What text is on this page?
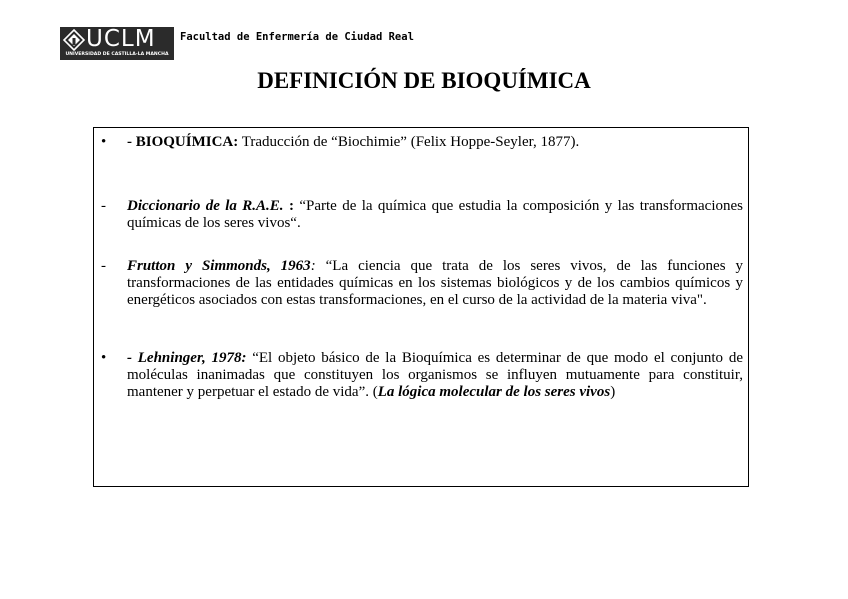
UCLM
UNIVERSIDAD DE CASTILLA-LA MANCHA
Facultad de Enfermería de Ciudad Real
DEFINICIÓN DE BIOQUÍMICA
• - BIOQUÍMICA: Traducción de “Biochimie” (Felix Hoppe-Seyler, 1877).
- Diccionario de la R.A.E. : “Parte de la química que estudia la composición y las transformaciones químicas de los seres vivos“.
- Frutton y Simmonds, 1963: “La ciencia que trata de los seres vivos, de las funciones y transformaciones de las entidades químicas en los sistemas biológicos y de los cambios químicos y energéticos asociados con estas transformaciones, en el curso de la actividad de la materia viva".
• - Lehninger, 1978: “El objeto básico de la Bioquímica es determinar de que modo el conjunto de moléculas inanimadas que constituyen los organismos se influyen mutuamente para constituir, mantener y perpetuar el estado de vida”. (La lógica molecular de los seres vivos)
